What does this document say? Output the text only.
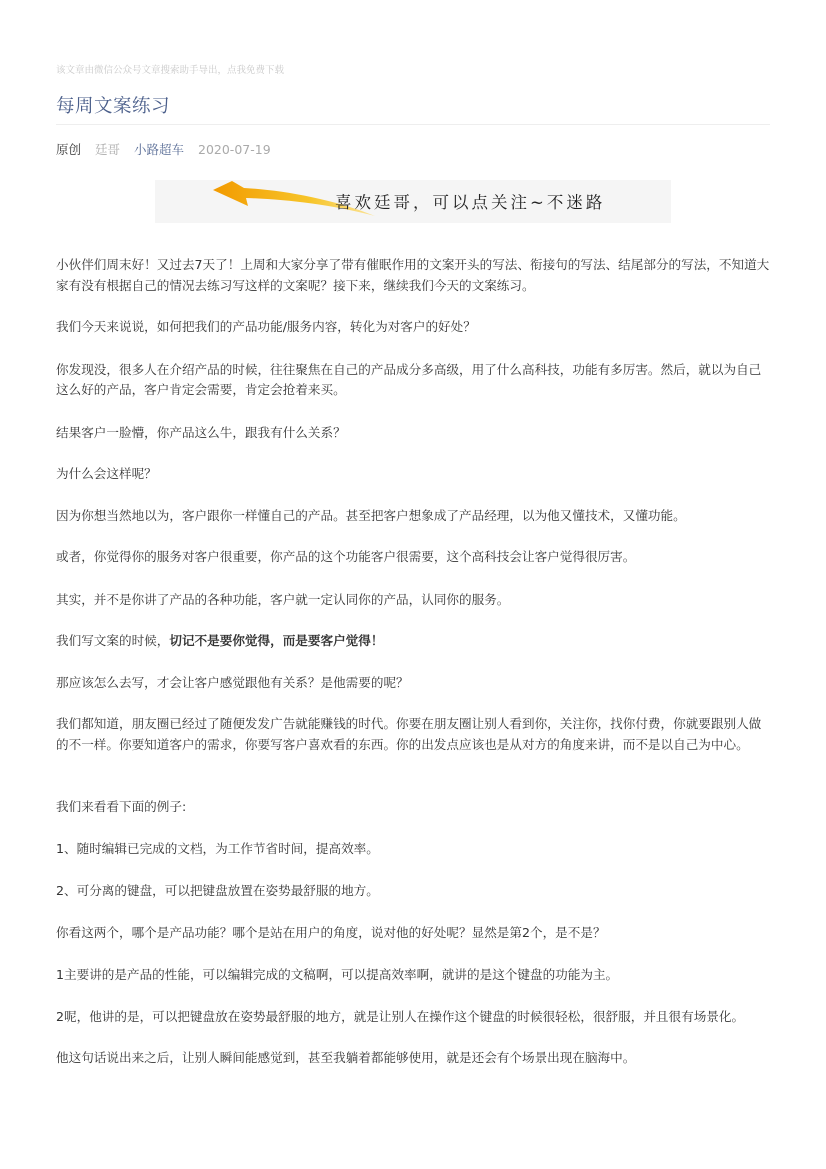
该文章由微信公众号文章搜索助手导出，点我免费下载
每周文案练习
原创 廷哥 小路超车 2020-07-19
喜欢廷哥，可以点关注~不迷路

小伙伴们周末好！又过去7天了！上周和大家分享了带有催眠作用的文案开头的写法、衔接句的写法、结尾部分的写法，不知道大家有没有根据自己的情况去练习写这样的文案呢？接下来，继续我们今天的文案练习。

我们今天来说说，如何把我们的产品功能/服务内容，转化为对客户的好处？

你发现没，很多人在介绍产品的时候，往往聚焦在自己的产品成分多高级，用了什么高科技，功能有多厉害。然后，就以为自己这么好的产品，客户肯定会需要，肯定会抢着来买。

结果客户一脸懵，你产品这么牛，跟我有什么关系？

为什么会这样呢？

因为你想当然地以为，客户跟你一样懂自己的产品。甚至把客户想象成了产品经理，以为他又懂技术，又懂功能。

或者，你觉得你的服务对客户很重要，你产品的这个功能客户很需要，这个高科技会让客户觉得很厉害。

其实，并不是你讲了产品的各种功能，客户就一定认同你的产品，认同你的服务。

我们写文案的时候，切记不是要你觉得，而是要客户觉得！

那应该怎么去写，才会让客户感觉跟他有关系？是他需要的呢？

我们都知道，朋友圈已经过了随便发发广告就能赚钱的时代。你要在朋友圈让别人看到你，关注你，找你付费，你就要跟别人做的不一样。你要知道客户的需求，你要写客户喜欢看的东西。你的出发点应该也是从对方的角度来讲，而不是以自己为中心。

我们来看看下面的例子:

1、随时编辑已完成的文档，为工作节省时间，提高效率。

2、可分离的键盘，可以把键盘放置在姿势最舒服的地方。

你看这两个，哪个是产品功能？哪个是站在用户的角度，说对他的好处呢？显然是第2个，是不是？

1主要讲的是产品的性能，可以编辑完成的文稿啊，可以提高效率啊，就讲的是这个键盘的功能为主。

2呢，他讲的是，可以把键盘放在姿势最舒服的地方，就是让别人在操作这个键盘的时候很轻松，很舒服，并且很有场景化。

他这句话说出来之后，让别人瞬间能感觉到，甚至我躺着都能够使用，就是还会有个场景出现在脑海中。
